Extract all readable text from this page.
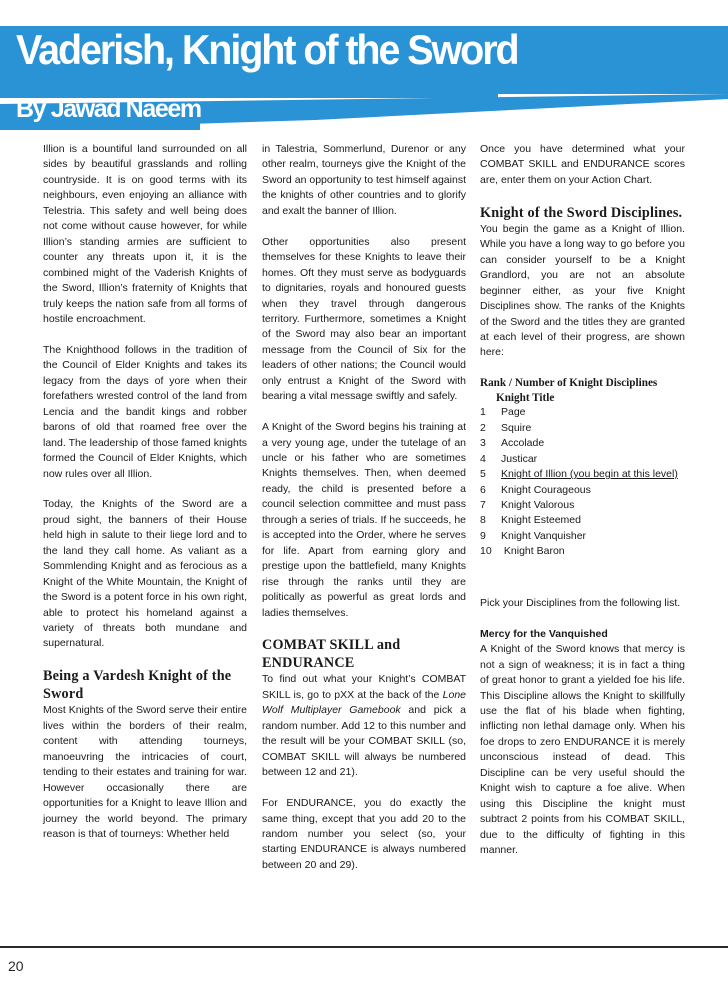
Vaderish, Knight of the Sword
By Jawad Naeem

Illion is a bountiful land surrounded on all sides by beautiful grasslands and rolling countryside. It is on good terms with its neighbours, even enjoying an alliance with Telestria. This safety and well being does not come without cause however, for while Illion’s standing armies are sufficient to counter any threats upon it, it is the combined might of the Vaderish Knights of the Sword, Illion’s fraternity of Knights that truly keeps the nation safe from all forms of hostile encroachment.

The Knighthood follows in the tradition of the Council of Elder Knights and takes its legacy from the days of yore when their forefathers wrested control of the land from Lencia and the bandit kings and robber barons of old that roamed free over the land. The leadership of those famed knights formed the Council of Elder Knights, which now rules over all Illion.

Today, the Knights of the Sword are a proud sight, the banners of their House held high in salute to their liege lord and to the land they call home. As valiant as a Sommlending Knight and as ferocious as a Knight of the White Mountain, the Knight of the Sword is a potent force in his own right, able to protect his homeland against a variety of threats both mundane and supernatural.

Being a Vardesh Knight of the Sword

Most Knights of the Sword serve their entire lives within the borders of their realm, content with attending tourneys, manoeuvring the intricacies of court, tending to their estates and training for war. However occasionally there are opportunities for a Knight to leave Illion and journey the world beyond. The primary reason is that of tourneys: Whether held

in Talestria, Sommerlund, Durenor or any other realm, tourneys give the Knight of the Sword an opportunity to test himself against the knights of other countries and to glorify and exalt the banner of Illion.

Other opportunities also present themselves for these Knights to leave their homes. Oft they must serve as bodyguards to dignitaries, royals and honoured guests when they travel through dangerous territory. Furthermore, sometimes a Knight of the Sword may also bear an important message from the Council of Six for the leaders of other nations; the Council would only entrust a Knight of the Sword with bearing a vital message swiftly and safely.

A Knight of the Sword begins his training at a very young age, under the tutelage of an uncle or his father who are sometimes Knights themselves. Then, when deemed ready, the child is presented before a council selection committee and must pass through a series of trials. If he succeeds, he is accepted into the Order, where he serves for life. Apart from earning glory and prestige upon the battlefield, many Knights rise through the ranks until they are politically as powerful as great lords and ladies themselves.

COMBAT SKILL and ENDURANCE

To find out what your Knight’s COMBAT SKILL is, go to pXX at the back of the Lone Wolf Multiplayer Gamebook and pick a random number. Add 12 to this number and the result will be your COMBAT SKILL (so, COMBAT SKILL will always be numbered between 12 and 21).

For ENDURANCE, you do exactly the same thing, except that you add 20 to the random number you select (so, your starting ENDURANCE is always numbered between 20 and 29).

Once you have determined what your COMBAT SKILL and ENDURANCE scores are, enter them on your Action Chart.

Knight of the Sword Disciplines.

You begin the game as a Knight of Illion. While you have a long way to go before you can consider yourself to be a Knight Grandlord, you are not an absolute beginner either, as your five Knight Disciplines show. The ranks of the Knights of the Sword and the titles they are granted at each level of their progress, are shown here:

Rank / Number of Knight Disciplines
Knight Title
1 Page
2 Squire
3 Accolade
4 Justicar
5 Knight of Illion (you begin at this level)
6 Knight Courageous
7 Knight Valorous
8 Knight Esteemed
9 Knight Vanquisher
10 Knight Baron

Pick your Disciplines from the following list.

Mercy for the Vanquished

A Knight of the Sword knows that mercy is not a sign of weakness; it is in fact a thing of great honor to grant a yielded foe his life. This Discipline allows the Knight to skillfully use the flat of his blade when fighting, inflicting non lethal damage only. When his foe drops to zero ENDURANCE it is merely unconscious instead of dead. This Discipline can be very useful should the Knight wish to capture a foe alive. When using this Discipline the knight must subtract 2 points from his COMBAT SKILL, due to the difficulty of fighting in this manner.

20
